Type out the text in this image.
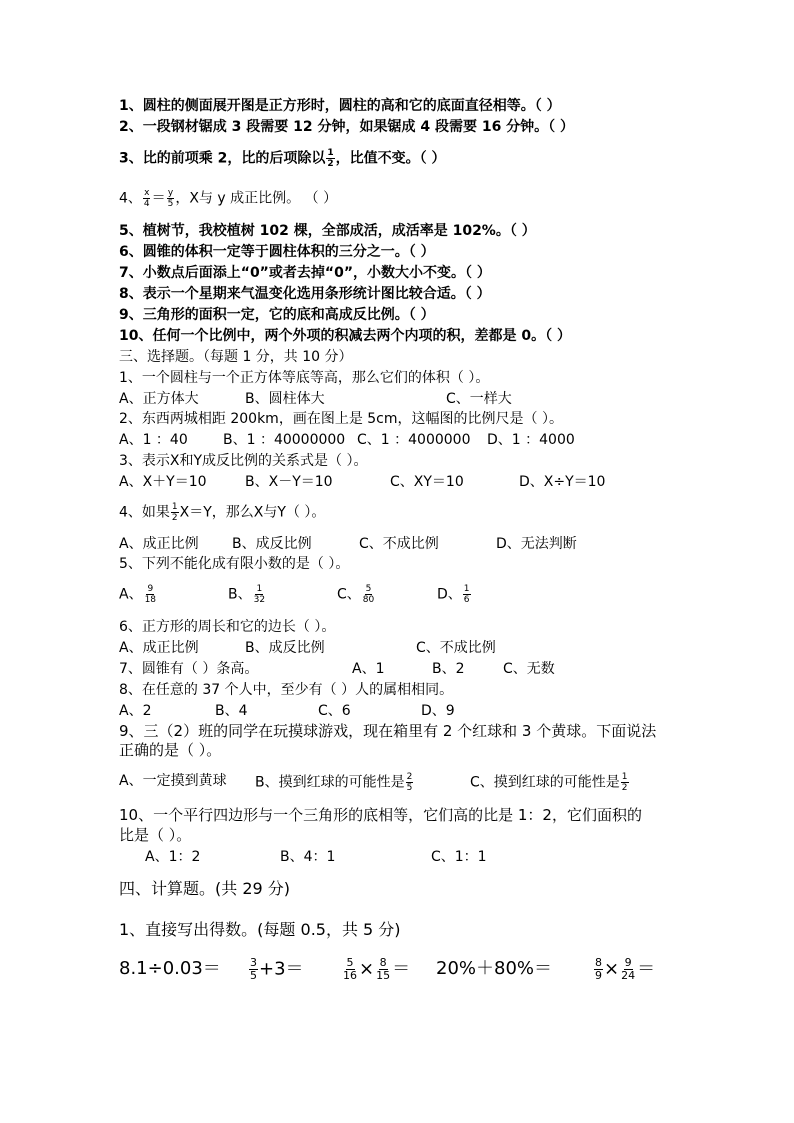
1、圆柱的侧面展开图是正方形时，圆柱的高和它的底面直径相等。（ ）
2、一段钢材锯成 3 段需要 12 分钟，如果锯成 4 段需要 16 分钟。（ ）
3、比的前项乘 2，比的后项除以 $\frac{1}{2}$ ，比值不变。（ ）
4、 $\frac{x}{4} = \frac{y}{5}$ ，X与 y 成正比例。 （ ）
5、植树节，我校植树 102 棵，全部成活，成活率是 102%。（ ）
6、圆锥的体积一定等于圆柱体积的三分之一。（ ）
7、小数点后面添上“0”或者去掉“0”，小数大小不变。（ ）
8、表示一个星期来气温变化选用条形统计图比较合适。（ ）
9、三角形的面积一定，它的底和高成反比例。（ ）
10、任何一个比例中，两个外项的积减去两个内项的积，差都是 0。（ ）
三、选择题。（每题 1 分，共 10 分）
1、一个圆柱与一个正方体等底等高，那么它们的体积（ ）。
A、正方体大	B、圆柱体大	C、一样大
2、东西两城相距 200km，画在图上是 5cm，这幅图的比例尺是（ ）。
A、1 ：40	B、1 ：40000000 C、1 ：4000000 D、1 ：4000
3、表示X和Y成反比例的关系式是（ ）。
A、X＋Y＝10	B、X－Y＝10	C、XY＝10	D、X÷Y＝10
4、如果 $\frac{1}{2} X=Y$，那么X与Y（ ）。
A、成正比例 B、成反比例	C、不成比例	D、无法判断
5、下列不能化成有限小数的是（ ）。
A、 $\frac{9}{18}$	B、 $\frac{1}{32}$	C、 $\frac{5}{80}$	D、 $\frac{1}{6}$
6、正方形的周长和它的边长（ ）。
A、成正比例	B、成反比例	C、不成比例
7、圆锥有（ ）条高。	A、1	B、2	C、无数
8、在任意的 37 个人中，至少有（ ）人的属相相同。
A、2	B、4	C、6	D、9
9、三（2）班的同学在玩摸球游戏，现在箱里有 2 个红球和 3 个黄球。下面说法
正确的是（ ）。
A、一定摸到黄球 B、摸到红球的可能性是 $\frac{2}{5}$	C、摸到红球的可能性是 $\frac{1}{2}$
10、一个平行四边形与一个三角形的底相等，它们高的比是 1：2，它们面积的
比是（ ）。
A、1：2	B、4：1	C、1：1
四、计算题。(共 29 分)
1、直接写出得数。(每题 0.5，共 5 分)
8.1÷0.03＝	$\frac{3}{5} +3=$	$\frac{5}{16} \times \frac{8}{15} = 20\%+80\%=$	$\frac{8}{9} \times \frac{9}{24}$ ＝
